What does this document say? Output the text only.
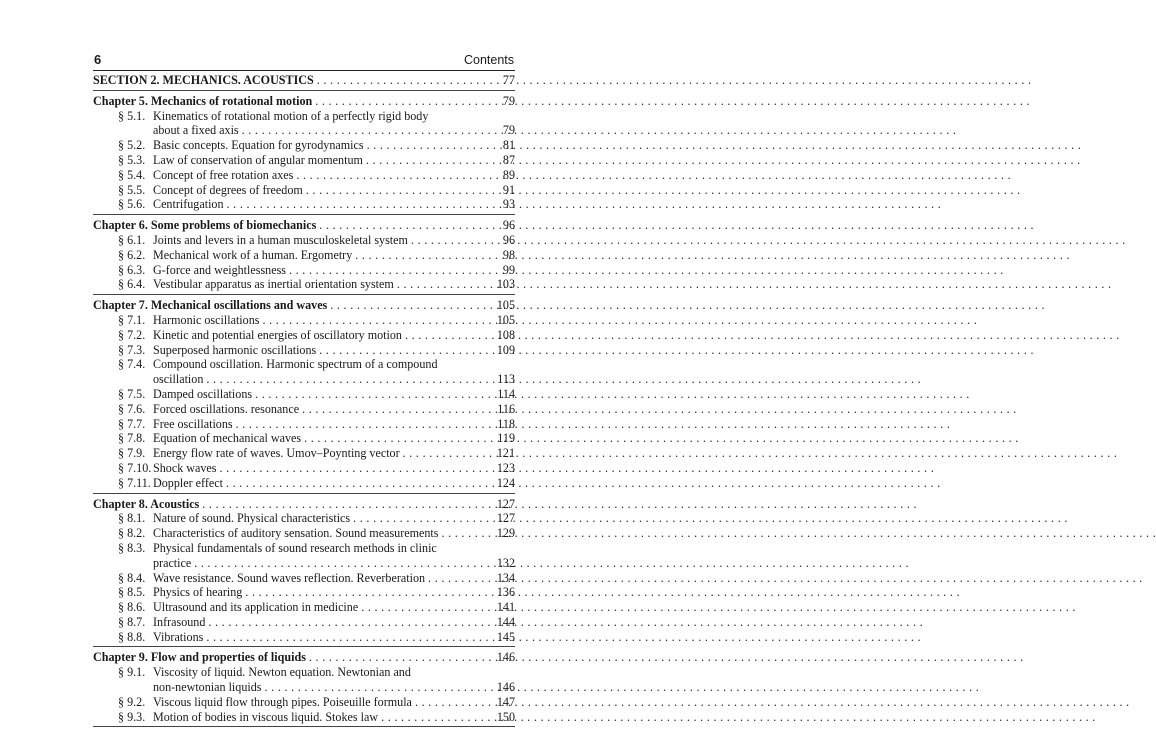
6	Contents
SECTION 2. MECHANICS. ACOUSTICS . . .	77
Chapter 5. Mechanics of rotational motion . . .	79
§ 5.1. Kinematics of rotational motion of a perfectly rigid body
about a fixed axis . . .	79
§ 5.2. Basic concepts. Equation for gyrodynamics . . .	81
§ 5.3. Law of conservation of angular momentum . . .	87
§ 5.4. Concept of free rotation axes . . .	89
§ 5.5. Concept of degrees of freedom . . .	91
§ 5.6. Centrifugation . . .	93
Chapter 6. Some problems of biomechanics . . .	96
§ 6.1. Joints and levers in a human musculoskeletal system . . .	96
§ 6.2. Mechanical work of a human. Ergometry . . .	98
§ 6.3. G-force and weightlessness . . .	99
§ 6.4. Vestibular apparatus as inertial orientation system . . .	103
Chapter 7. Mechanical oscillations and waves . . .	105
§ 7.1. Harmonic oscillations . . .	105
§ 7.2. Kinetic and potential energies of oscillatory motion . . .	108
§ 7.3. Superposed harmonic oscillations . . .	109
§ 7.4. Compound oscillation. Harmonic spectrum of a compound
oscillation . . .	113
§ 7.5. Damped oscillations . . .	114
§ 7.6. Forced oscillations. resonance . . .	116
§ 7.7. Free oscillations . . .	118
§ 7.8. Equation of mechanical waves . . .	119
§ 7.9. Energy flow rate of waves. Umov–Poynting vector . . .	121
§ 7.10. Shock waves . . .	123
§ 7.11. Doppler effect . . .	124
Chapter 8. Acoustics . . .	127
§ 8.1. Nature of sound. Physical characteristics . . .	127
§ 8.2. Characteristics of auditory sensation. Sound measurements . . .	129
§ 8.3. Physical fundamentals of sound research methods in clinic
practice . . .	132
§ 8.4. Wave resistance. Sound waves reflection. Reverberation . . .	134
§ 8.5. Physics of hearing . . .	136
§ 8.6. Ultrasound and its application in medicine . . .	141
§ 8.7. Infrasound . . .	144
§ 8.8. Vibrations . . .	145
Chapter 9. Flow and properties of liquids . . .	146
§ 9.1. Viscosity of liquid. Newton equation. Newtonian and
non-newtonian liquids . . .	146
§ 9.2. Viscous liquid flow through pipes. Poiseuille formula . . .	147
§ 9.3. Motion of bodies in viscous liquid. Stokes law . . .	150
